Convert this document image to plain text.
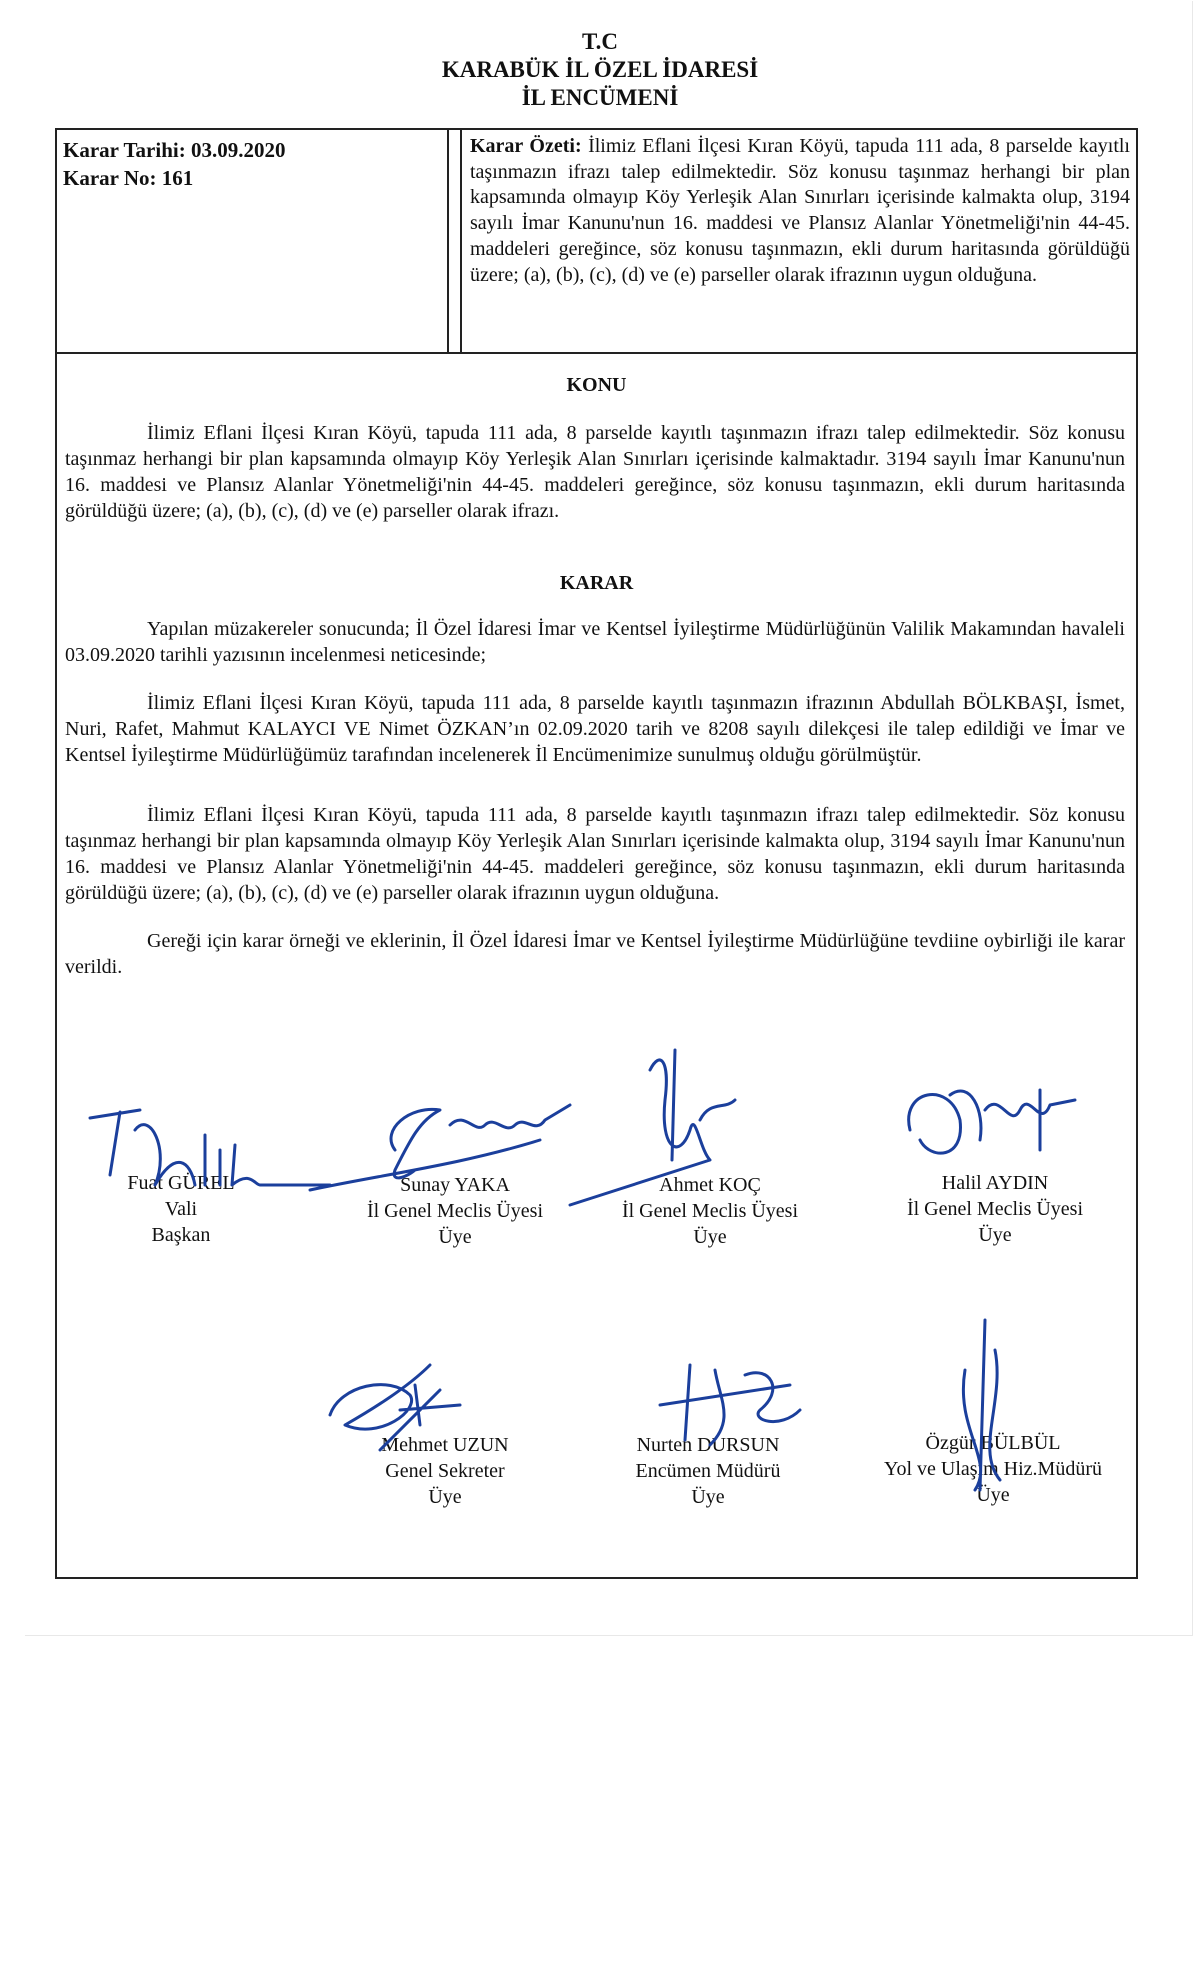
T.C
KARABÜK İL ÖZEL İDARESİ
İL ENCÜMENİ
Karar Tarihi: 03.09.2020
Karar No: 161

Karar Özeti: İlimiz Eflani İlçesi Kıran Köyü, tapuda 111 ada, 8 parselde kayıtlı taşınmazın ifrazı talep edilmektedir. Söz konusu taşınmaz herhangi bir plan kapsamında olmayıp Köy Yerleşik Alan Sınırları içerisinde kalmakta olup, 3194 sayılı İmar Kanunu'nun 16. maddesi ve Plansız Alanlar Yönetmeliği'nin 44-45. maddeleri gereğince, söz konusu taşınmazın, ekli durum haritasında görüldüğü üzere; (a), (b), (c), (d) ve (e) parseller olarak ifrazının uygun olduğuna.

KONU

İlimiz Eflani İlçesi Kıran Köyü, tapuda 111 ada, 8 parselde kayıtlı taşınmazın ifrazı talep edilmektedir. Söz konusu taşınmaz herhangi bir plan kapsamında olmayıp Köy Yerleşik Alan Sınırları içerisinde kalmaktadır. 3194 sayılı İmar Kanunu'nun 16. maddesi ve Plansız Alanlar Yönetmeliği'nin 44-45. maddeleri gereğince, söz konusu taşınmazın, ekli durum haritasında görüldüğü üzere; (a), (b), (c), (d) ve (e) parseller olarak ifrazı.

KARAR

Yapılan müzakereler sonucunda; İl Özel İdaresi İmar ve Kentsel İyileştirme Müdürlüğünün Valilik Makamından havaleli 03.09.2020 tarihli yazısının incelenmesi neticesinde;

İlimiz Eflani İlçesi Kıran Köyü, tapuda 111 ada, 8 parselde kayıtlı taşınmazın ifrazının Abdullah BÖLKBAŞI, İsmet, Nuri, Rafet, Mahmut KALAYCI VE Nimet ÖZKAN’ın 02.09.2020 tarih ve 8208 sayılı dilekçesi ile talep edildiği ve İmar ve Kentsel İyileştirme Müdürlüğümüz tarafından incelenerek İl Encümenimize sunulmuş olduğu görülmüştür.

İlimiz Eflani İlçesi Kıran Köyü, tapuda 111 ada, 8 parselde kayıtlı taşınmazın ifrazı talep edilmektedir. Söz konusu taşınmaz herhangi bir plan kapsamında olmayıp Köy Yerleşik Alan Sınırları içerisinde kalmakta olup, 3194 sayılı İmar Kanunu'nun 16. maddesi ve Plansız Alanlar Yönetmeliği'nin 44-45. maddeleri gereğince, söz konusu taşınmazın, ekli durum haritasında görüldüğü üzere; (a), (b), (c), (d) ve (e) parseller olarak ifrazının uygun olduğuna.

Gereği için karar örneği ve eklerinin, İl Özel İdaresi İmar ve Kentsel İyileştirme Müdürlüğüne tevdiine oybirliği ile karar verildi.

Fuat GÜREL
Vali
Başkan
Sunay YAKA
İl Genel Meclis Üyesi
Üye
Ahmet KOÇ
İl Genel Meclis Üyesi
Üye
Halil AYDIN
İl Genel Meclis Üyesi
Üye
Mehmet UZUN
Genel Sekreter
Üye
Nurten DURSUN
Encümen Müdürü
Üye
Özgür BÜLBÜL
Yol ve Ulaşım Hiz.Müdürü
Üye
